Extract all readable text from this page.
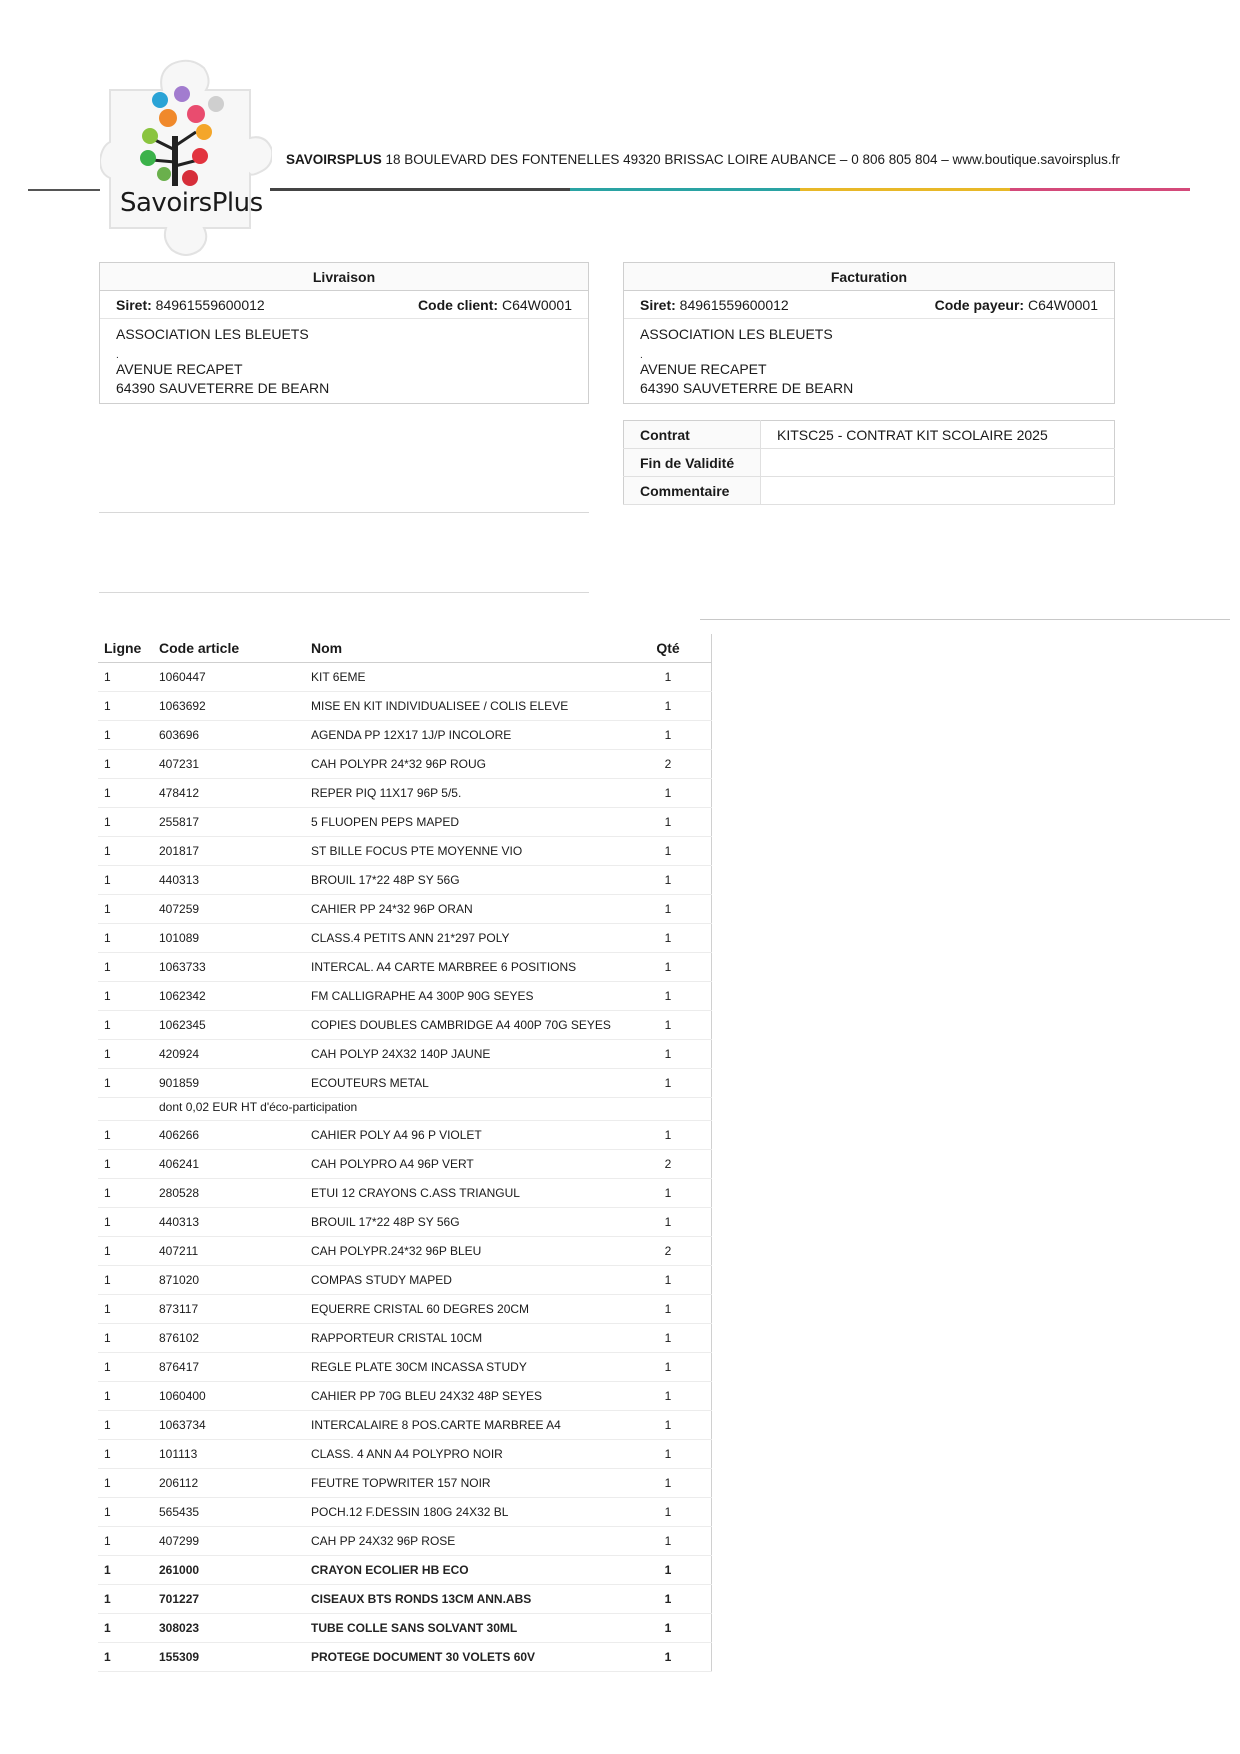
SavoirsPlus
SAVOIRSPLUS 18 BOULEVARD DES FONTENELLES 49320 BRISSAC LOIRE AUBANCE – 0 806 805 804 – www.boutique.savoirsplus.fr
Livraison
Siret: 84961559600012	Code client: C64W0001
ASSOCIATION LES BLEUETS
.
AVENUE RECAPET
64390 SAUVETERRE DE BEARN
Facturation
Siret: 84961559600012	Code payeur: C64W0001
ASSOCIATION LES BLEUETS
.
AVENUE RECAPET
64390 SAUVETERRE DE BEARN
Contrat	KITSC25 - CONTRAT KIT SCOLAIRE 2025
Fin de Validité	
Commentaire	
Ligne	Code article	Nom	Qté
1	1060447	KIT 6EME	1
1	1063692	MISE EN KIT INDIVIDUALISEE / COLIS ELEVE	1
1	603696	AGENDA PP 12X17 1J/P INCOLORE	1
1	407231	CAH POLYPR 24*32 96P ROUG	2
1	478412	REPER PIQ 11X17 96P 5/5.	1
1	255817	5 FLUOPEN PEPS MAPED	1
1	201817	ST BILLE FOCUS PTE MOYENNE VIO	1
1	440313	BROUIL 17*22 48P SY 56G	1
1	407259	CAHIER PP 24*32 96P ORAN	1
1	101089	CLASS.4 PETITS ANN 21*297 POLY	1
1	1063733	INTERCAL. A4 CARTE MARBREE 6 POSITIONS	1
1	1062342	FM CALLIGRAPHE A4 300P 90G SEYES	1
1	1062345	COPIES DOUBLES CAMBRIDGE A4 400P 70G SEYES	1
1	420924	CAH POLYP 24X32 140P JAUNE	1
1	901859	ECOUTEURS METAL	1
	dont 0,02 EUR HT d'éco-participation		
1	406266	CAHIER POLY A4 96 P VIOLET	1
1	406241	CAH POLYPRO A4 96P VERT	2
1	280528	ETUI 12 CRAYONS C.ASS TRIANGUL	1
1	440313	BROUIL 17*22 48P SY 56G	1
1	407211	CAH POLYPR.24*32 96P BLEU	2
1	871020	COMPAS STUDY MAPED	1
1	873117	EQUERRE CRISTAL 60 DEGRES 20CM	1
1	876102	RAPPORTEUR CRISTAL 10CM	1
1	876417	REGLE PLATE 30CM INCASSA STUDY	1
1	1060400	CAHIER PP 70G BLEU 24X32 48P SEYES	1
1	1063734	INTERCALAIRE 8 POS.CARTE MARBREE A4	1
1	101113	CLASS. 4 ANN A4 POLYPRO NOIR	1
1	206112	FEUTRE TOPWRITER 157 NOIR	1
1	565435	POCH.12 F.DESSIN 180G 24X32 BL	1
1	407299	CAH PP 24X32 96P ROSE	1
1	261000	CRAYON ECOLIER HB ECO	1
1	701227	CISEAUX BTS RONDS 13CM ANN.ABS	1
1	308023	TUBE COLLE SANS SOLVANT 30ML	1
1	155309	PROTEGE DOCUMENT 30 VOLETS 60V	1
